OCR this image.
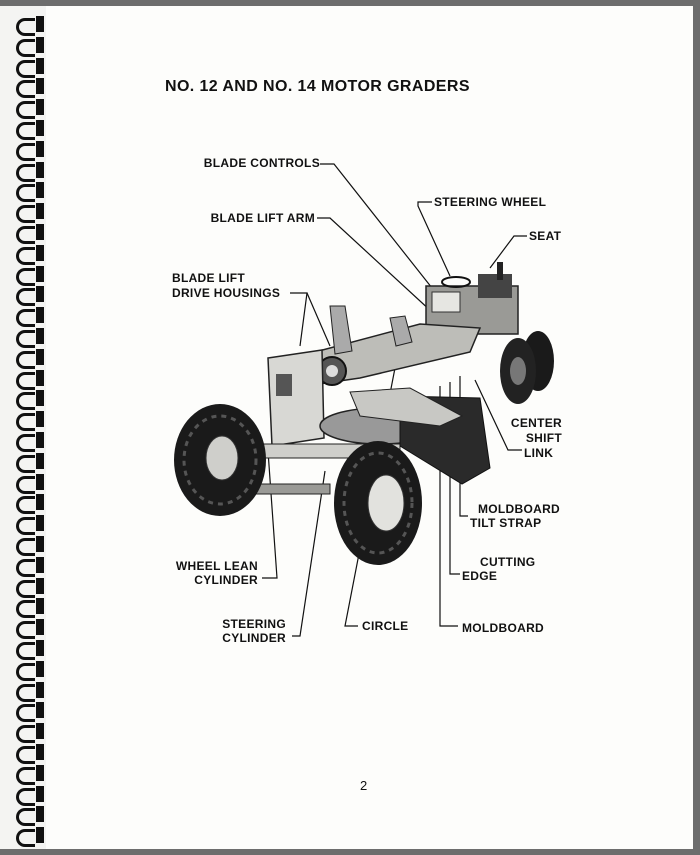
NO. 12 AND NO. 14 MOTOR GRADERS
BLADE CONTROLS
STEERING WHEEL
BLADE LIFT ARM
SEAT
BLADE LIFT
DRIVE HOUSINGS
CENTER
SHIFT
LINK
MOLDBOARD
TILT STRAP
CUTTING
EDGE
WHEEL LEAN
CYLINDER
STEERING
CYLINDER
CIRCLE	MOLDBOARD
2
